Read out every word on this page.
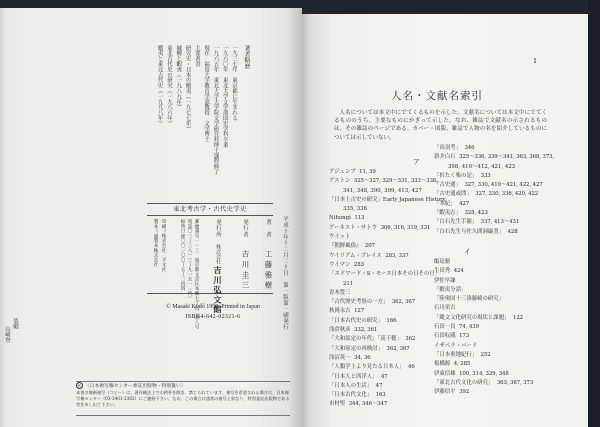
装幀
山崎登
著者略歴
一九三七年　東京都に生まれる
一九六〇年　東北大学文学部国史学科卒業
一九六五年　東北大学大学院文学研究科博士課程修了
現在　福島大学教育学部教授　文学博士
主要著書
研究史・日本の蝦夷（一九七七年）
城柵と蝦夷（一九八九年）
東北古代史の研究（一九八六年）
蝦夷と東北古代史（一九九八年）
東北考古学・古代史学史
著　者工藤雅樹
発行者吉川圭三
発行所株式会社吉川弘文館
郵便番号一一三　東京都文京区本郷七丁目二番八号
電話〇三―三八一三―九一五一〈代〉
振替口座〇〇一〇〇―五―二四四
印刷＝株式会社　平文社
製本＝誠製本株式会社	平成十年十二月二十日　第一版第一刷発行
© Masaki Kudô 1998. Printed in Japan
ISBN4-642-02321-6
R 〈日本複写権センター委託出版物・特別扱い〉
本書の無断複写（コピー）は、著作権法上での例外を除き、禁じられています。複写を希望される場合は、日本複写権センター（03-3401-2382）にご連絡下さい。なお、この場合は通常の複写と異なり、特別委託出版物である旨を申し出て下さい。
1
人名・文献名索引
人名については本文中にでてくるものを示した。文献名については本文中にでてくるもののうち、主要なものにかぎって示した。なお、雑誌で文献名の示されるものは、その雑誌のページである。カバー・図版、雑誌で人物の名を紹介しているものについては示していない。
ア
アジェンブ 11, 39
アストン 325〜327, 329〜331, 333〜338,
341, 348, 390, 399, 413, 427
「日本上古史の研究」Early Japanese History
335, 336
Nihongi 113
アーネスト・サトウ 306, 316, 319, 331
ウイット
『朝鮮風俗』 207
ウイリアム・ブレイス 283, 337
ウイマン 283
「エドワード・S・モース日本その日その日」
211
青木豊三
「古代歴史考察の一方」 362, 367
秋岡永吉 127
「日本古代史の研究」 166
浅倉秋彦 332, 361
「大和原定の年代」「高千穂」 362
「大和原定の再検討」 362, 367
浅沼英一 34, 36
「人類学上より見たる日本人」 46
「日本人と西洋人」 47
「日本人の生活」 47
「日本古代文化」 163
市村聖 344, 346〜347
「出羽考」 346
新井白石 325〜336, 339〜341, 363, 368, 373,
398, 410〜412, 421, 423
「折たく柴の記」 333
「古史通」 327, 330, 419〜421, 422, 427
「古史通或問」 327, 330, 336, 420, 422
「本紀」 427
「蝦夷志」 328, 423
「白石先生手簡」 337, 413〜431
「白石先生与佐久間洞巌書」 428
イ
飯島魁
生田秀 424
伊佐早謙
「蝦夷分話」
「陸奥国十三湊藤崎の研究」
石川栄吉
「縄文文化研究の現状と課題」 122
石田一良 74, 439
石田収蔵 173
イザベラ・バード
「日本奥地紀行」 252
板橋源 4, 285
伊東信雄 100, 314, 329, 348
「東北古代文化の研究」 363, 367, 373
伊藤信平 392
